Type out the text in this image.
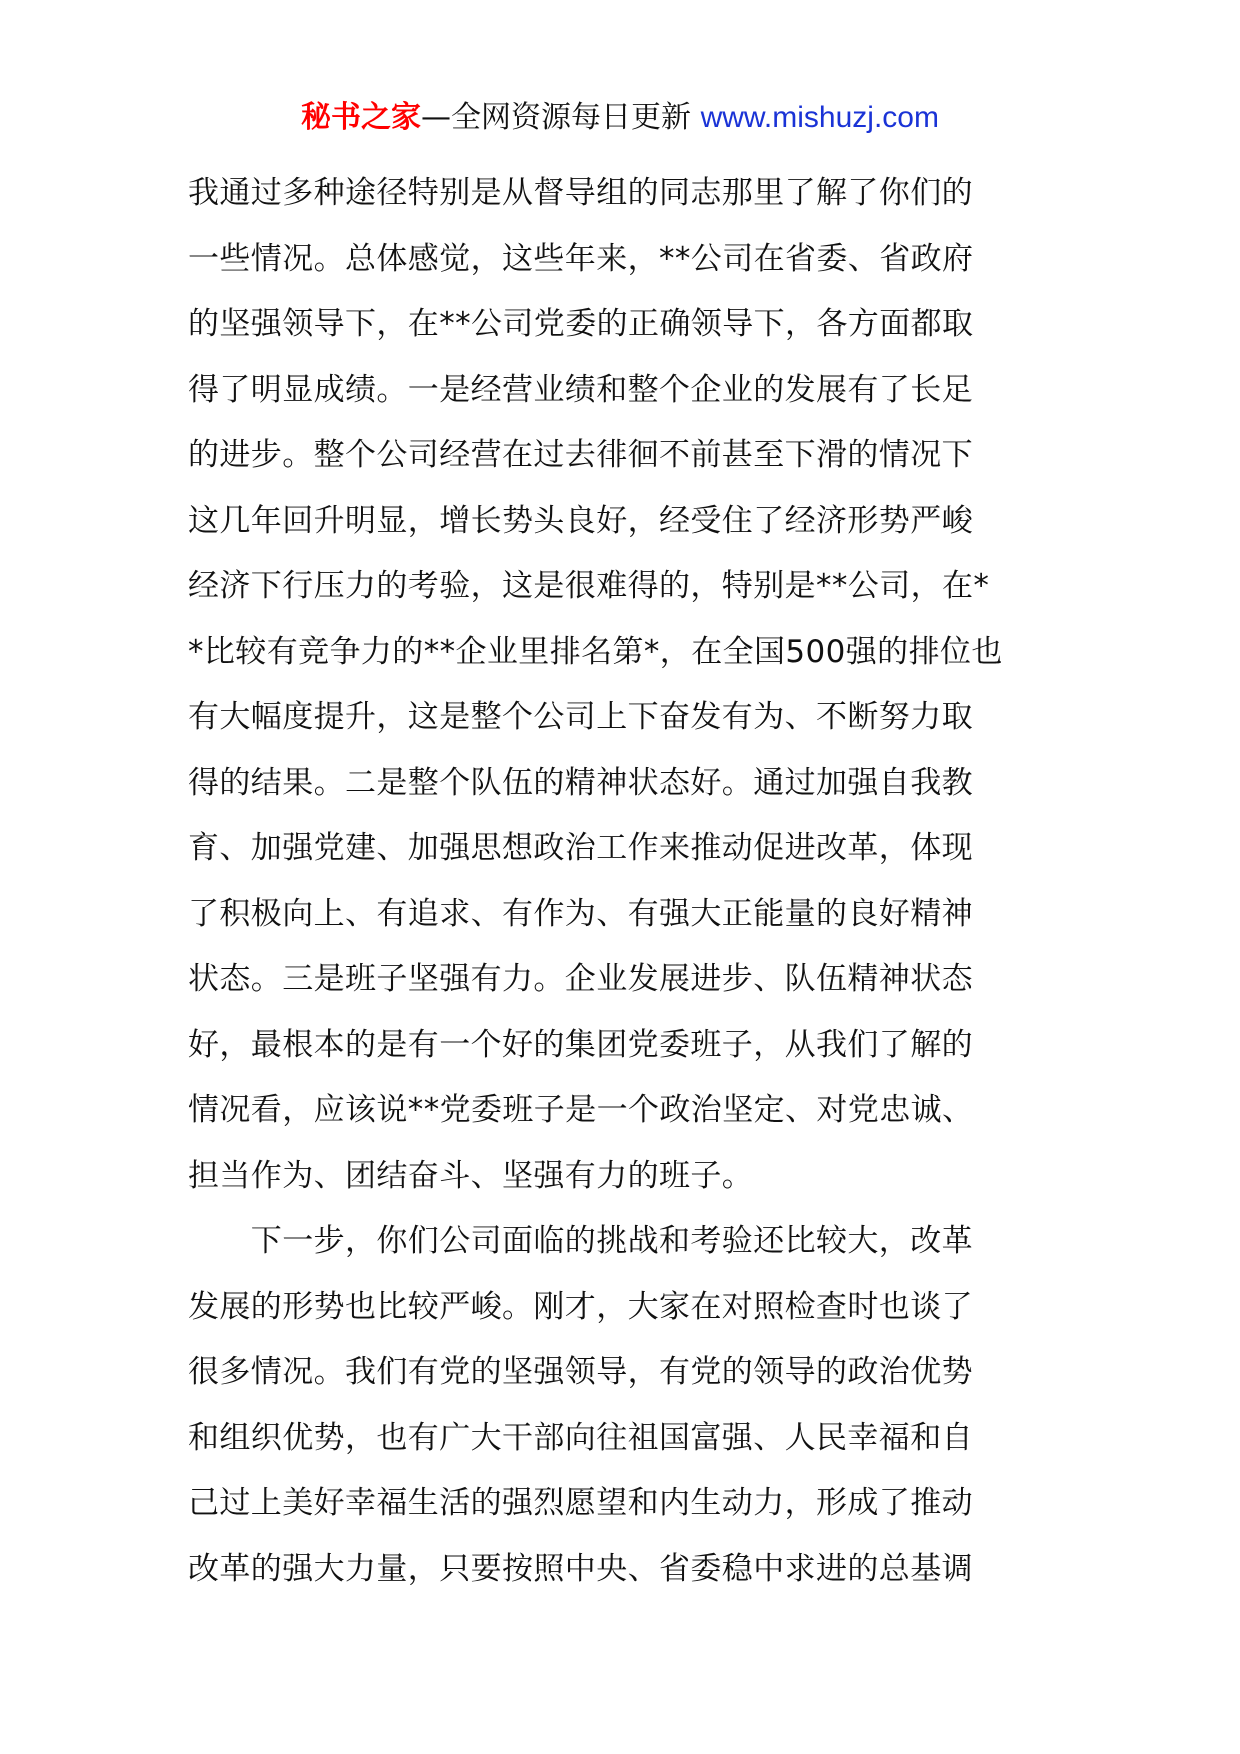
秘书之家—全网资源每日更新 www.mishuzj.com
我通过多种途径特别是从督导组的同志那里了解了你们的
一些情况。总体感觉，这些年来，**公司在省委、省政府
的坚强领导下，在**公司党委的正确领导下，各方面都取
得了明显成绩。一是经营业绩和整个企业的发展有了长足
的进步。整个公司经营在过去徘徊不前甚至下滑的情况下
这几年回升明显，增长势头良好，经受住了经济形势严峻
经济下行压力的考验，这是很难得的，特别是**公司，在*
*比较有竞争力的**企业里排名第*，在全国500强的排位也
有大幅度提升，这是整个公司上下奋发有为、不断努力取
得的结果。二是整个队伍的精神状态好。通过加强自我教
育、加强党建、加强思想政治工作来推动促进改革，体现
了积极向上、有追求、有作为、有强大正能量的良好精神
状态。三是班子坚强有力。企业发展进步、队伍精神状态
好，最根本的是有一个好的集团党委班子，从我们了解的
情况看，应该说**党委班子是一个政治坚定、对党忠诚、
担当作为、团结奋斗、坚强有力的班子。
　　下一步，你们公司面临的挑战和考验还比较大，改革
发展的形势也比较严峻。刚才，大家在对照检查时也谈了
很多情况。我们有党的坚强领导，有党的领导的政治优势
和组织优势，也有广大干部向往祖国富强、人民幸福和自
己过上美好幸福生活的强烈愿望和内生动力，形成了推动
改革的强大力量，只要按照中央、省委稳中求进的总基调
